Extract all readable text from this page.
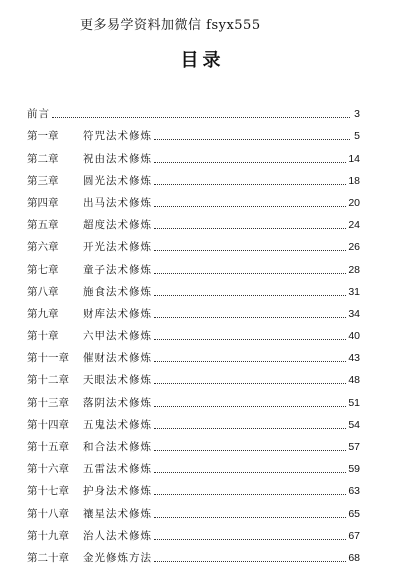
更多易学资料加微信 fsyx555
目录
前言	3
第一章	符咒法术修炼	5
第二章	祝由法术修炼	14
第三章	圆光法术修炼	18
第四章	出马法术修炼	20
第五章	超度法术修炼	24
第六章	开光法术修炼	26
第七章	童子法术修炼	28
第八章	施食法术修炼	31
第九章	财库法术修炼	34
第十章	六甲法术修炼	40
第十一章	催财法术修炼	43
第十二章	天眼法术修炼	48
第十三章	落阴法术修炼	51
第十四章	五鬼法术修炼	54
第十五章	和合法术修炼	57
第十六章	五雷法术修炼	59
第十七章	护身法术修炼	63
第十八章	禳星法术修炼	65
第十九章	治人法术修炼	67
第二十章	金光修炼方法	68
